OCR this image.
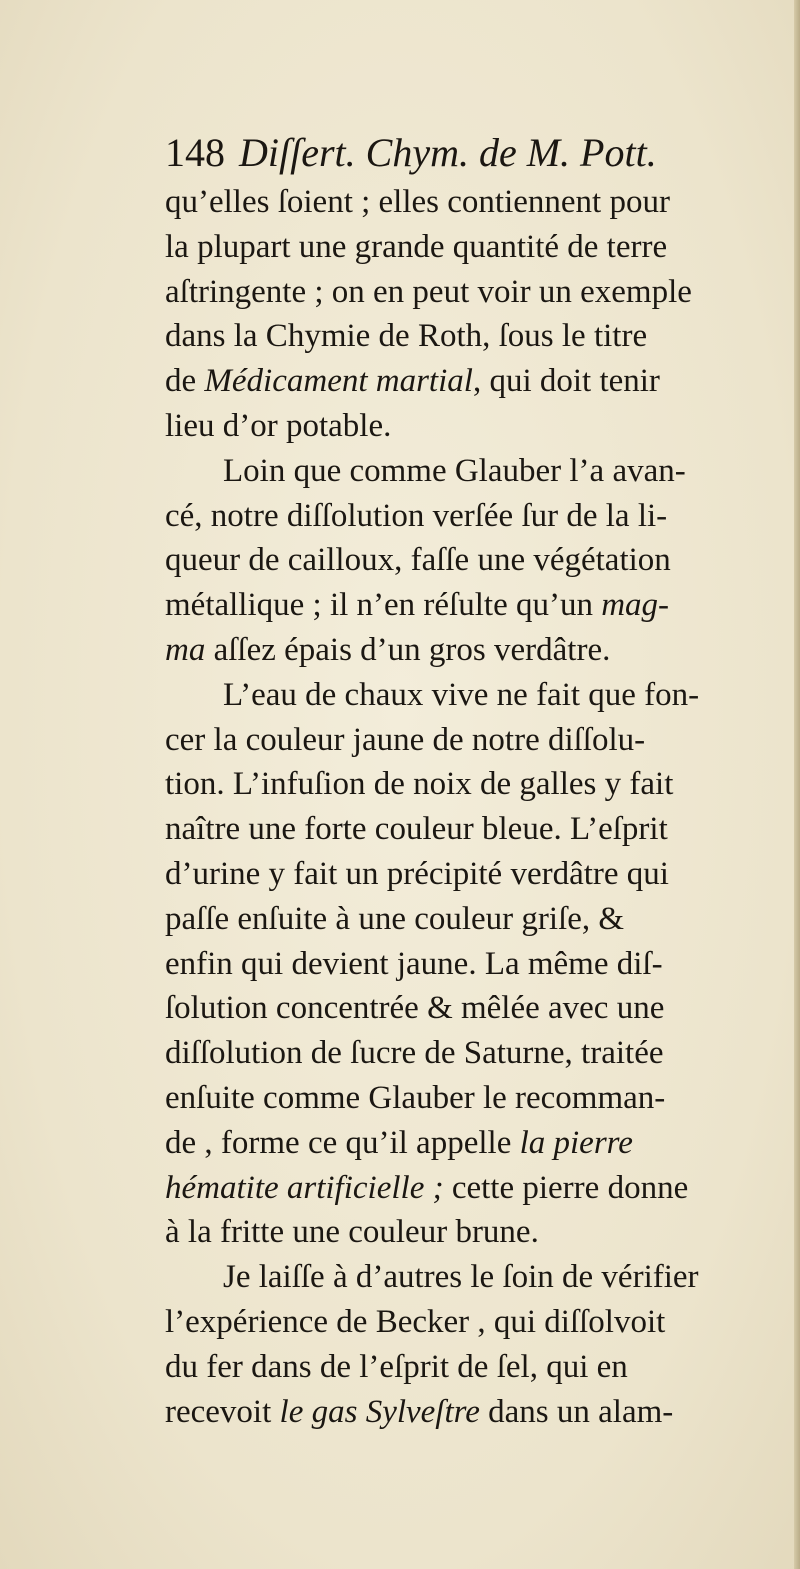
148 Diſſert. Chym. de M. Pott.
qu’elles ſoient ; elles contiennent pour
la plupart une grande quantité de terre
aſtringente ; on en peut voir un exemple
dans la Chymie de Roth, ſous le titre
de Médicament martial, qui doit tenir
lieu d’or potable.
Loin que comme Glauber l’a avan-
cé, notre diſſolution verſée ſur de la li-
queur de cailloux, faſſe une végétation
métallique ; il n’en réſulte qu’un mag-
ma aſſez épais d’un gros verdâtre.
L’eau de chaux vive ne fait que fon-
cer la couleur jaune de notre diſſolu-
tion. L’infuſion de noix de galles y fait
naître une forte couleur bleue. L’eſprit
d’urine y fait un précipité verdâtre qui
paſſe enſuite à une couleur griſe, &
enfin qui devient jaune. La même diſ-
ſolution concentrée & mêlée avec une
diſſolution de ſucre de Saturne, traitée
enſuite comme Glauber le recomman-
de , forme ce qu’il appelle la pierre
hématite artificielle ; cette pierre donne
à la fritte une couleur brune.
Je laiſſe à d’autres le ſoin de vérifier
l’expérience de Becker , qui diſſolvoit
du fer dans de l’eſprit de ſel, qui en
recevoit le gas Sylveſtre dans un alam-
